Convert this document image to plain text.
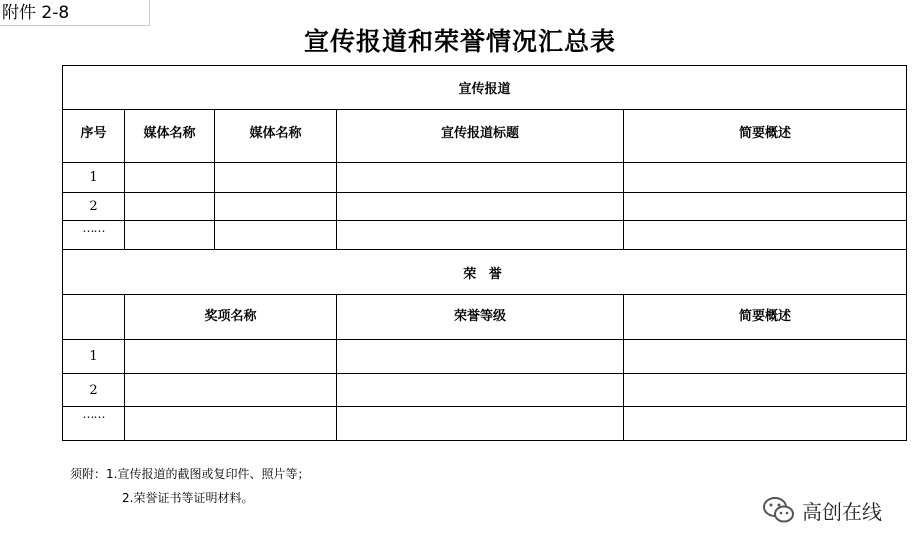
附件 2-8
宣传报道和荣誉情况汇总表
宣传报道				
序号	媒体名称	媒体名称	宣传报道标题	简要概述
1				
2				
……				
荣 誉				
	奖项名称		荣誉等级	简要概述
1				
2				
……				
须附：1.宣传报道的截图或复印件、照片等；
2.荣誉证书等证明材料。
高创在线
